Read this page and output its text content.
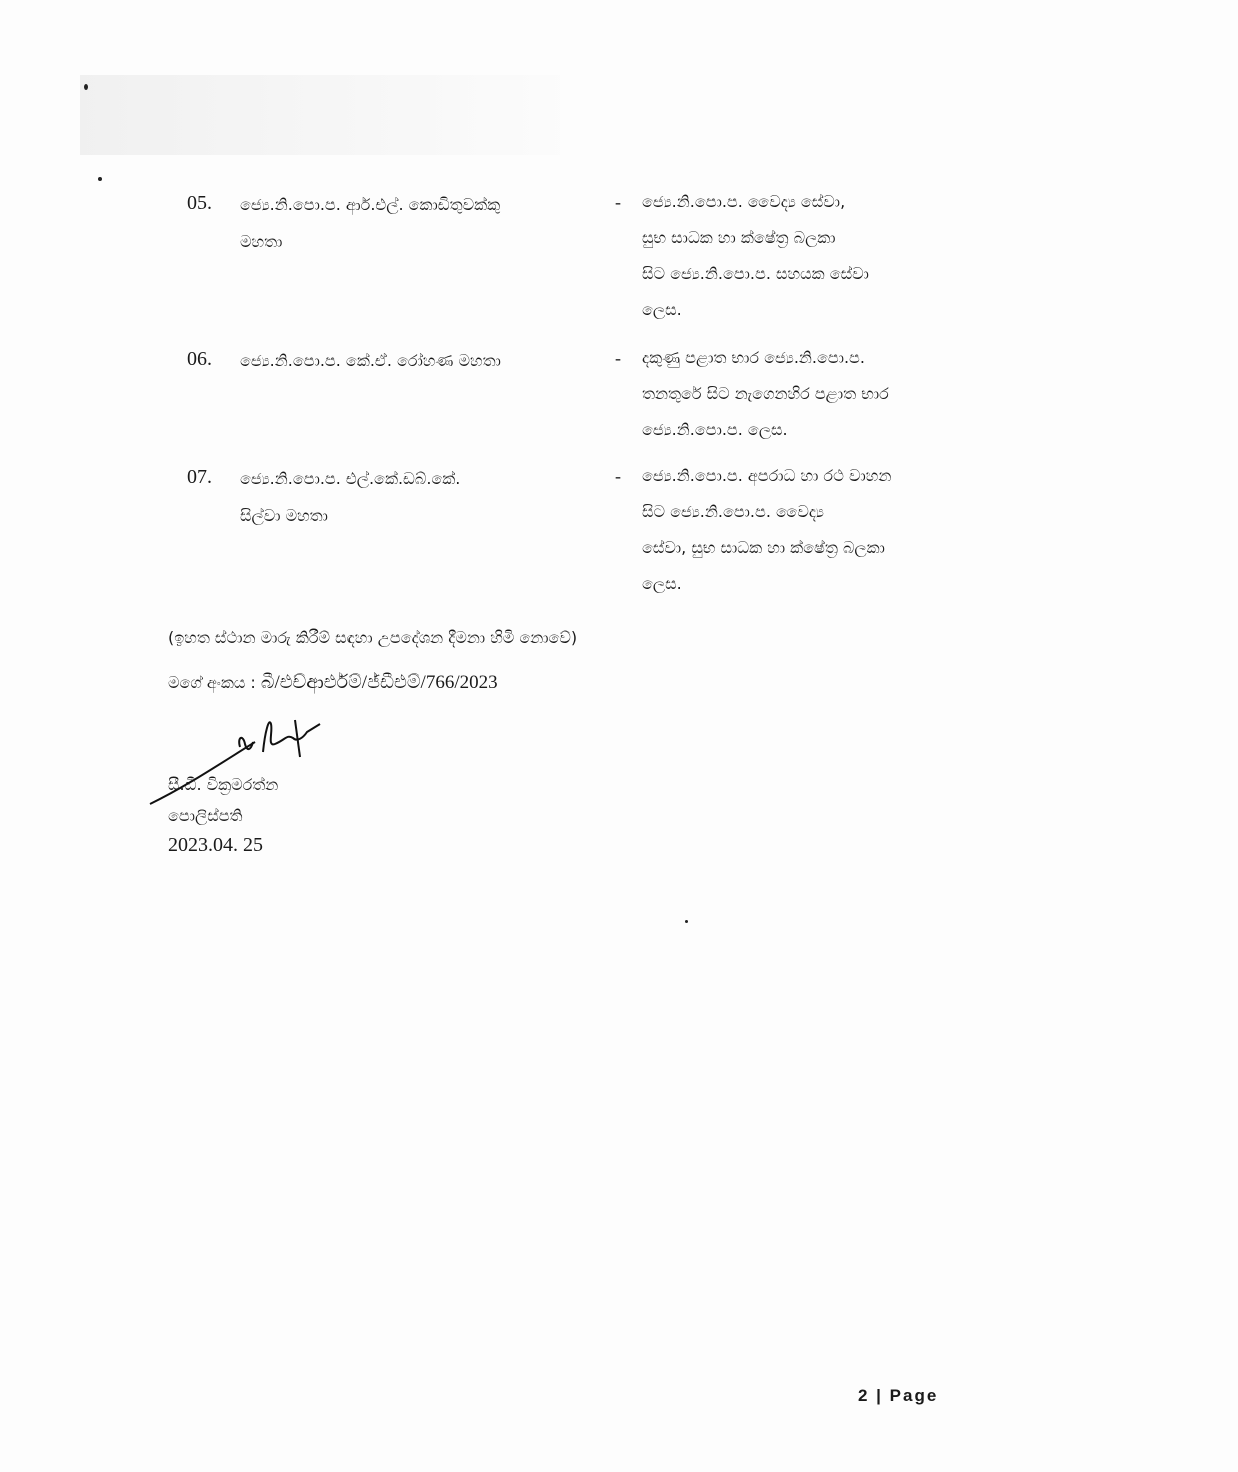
05. ජ්‍යෙ.නි.පො.ප. ආර්.එල්. කොඩිතුවක්කු
මහතා
- ජ්‍යෙ.නි.පො.ප. වෛද්‍ය සේවා,
සුභ සාධක හා ක්ෂේත්‍ර බලකා
සිට ජ්‍යෙ.නි.පො.ප. සහයක සේවා
ලෙස.
06. ජ්‍යෙ.නි.පො.ප. කේ.ඒ. රෝහණ මහතා	- දකුණු පළාත භාර ජ්‍යෙ.නි.පො.ප.
තනතුරේ සිට නැගෙනහිර පළාත භාර
ජ්‍යෙ.නි.පො.ප. ලෙස.
07. ජ්‍යෙ.නි.පො.ප. එල්.කේ.ඩබ්.කේ.
සිල්වා මහතා
- ජ්‍යෙ.නි.පො.ප. අපරාධ හා රථ වාහන
සිට ජ්‍යෙ.නි.පො.ප. වෛද්‍ය
සේවා, සුභ සාධක හා ක්ෂේත්‍ර බලකා
ලෙස.
(ඉහත ස්ථාන මාරු කිරීම් සඳහා උපදේශන දීමනා හිමි නොවේ)
මගේ අංකය : බී/එච්ආර්එම්/ජ්ඩීඑම්/766/2023
සී.ඩී. වික්‍රමරත්න
පොලිස්පති
2023.04. 25
2 | Page
